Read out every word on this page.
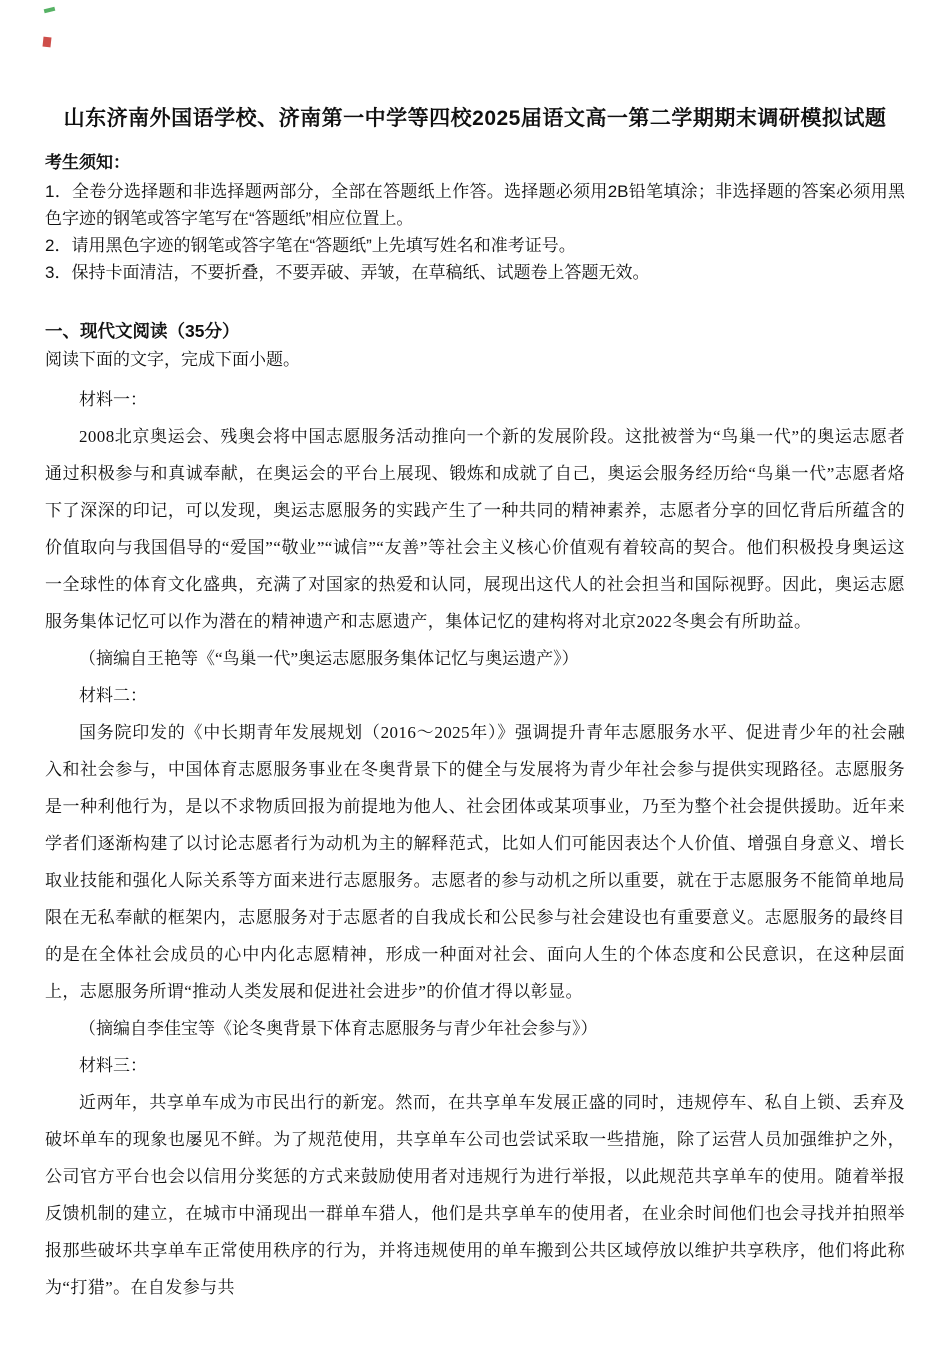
山东济南外国语学校、济南第一中学等四校2025届语文高一第二学期期末调研模拟试题

考生须知：

1．全卷分选择题和非选择题两部分，全部在答题纸上作答。选择题必须用2B铅笔填涂；非选择题的答案必须用黑色字迹的钢笔或答字笔写在“答题纸”相应位置上。

2．请用黑色字迹的钢笔或答字笔在“答题纸”上先填写姓名和准考证号。

3．保持卡面清洁，不要折叠，不要弄破、弄皱，在草稿纸、试题卷上答题无效。

一、现代文阅读（35分）

阅读下面的文字，完成下面小题。

材料一：

2008北京奥运会、残奥会将中国志愿服务活动推向一个新的发展阶段。这批被誉为“鸟巢一代”的奥运志愿者通过积极参与和真诚奉献，在奥运会的平台上展现、锻炼和成就了自己，奥运会服务经历给“鸟巢一代”志愿者烙下了深深的印记，可以发现，奥运志愿服务的实践产生了一种共同的精神素养，志愿者分享的回忆背后所蕴含的价值取向与我国倡导的“爱国”“敬业”“诚信”“友善”等社会主义核心价值观有着较高的契合。他们积极投身奥运这一全球性的体育文化盛典，充满了对国家的热爱和认同，展现出这代人的社会担当和国际视野。因此，奥运志愿服务集体记忆可以作为潜在的精神遗产和志愿遗产，集体记忆的建构将对北京2022冬奥会有所助益。

（摘编自王艳等《“鸟巢一代”奥运志愿服务集体记忆与奥运遗产》）

材料二：

国务院印发的《中长期青年发展规划（2016～2025年）》强调提升青年志愿服务水平、促进青少年的社会融入和社会参与，中国体育志愿服务事业在冬奥背景下的健全与发展将为青少年社会参与提供实现路径。志愿服务是一种利他行为，是以不求物质回报为前提地为他人、社会团体或某项事业，乃至为整个社会提供援助。近年来学者们逐渐构建了以讨论志愿者行为动机为主的解释范式，比如人们可能因表达个人价值、增强自身意义、增长取业技能和强化人际关系等方面来进行志愿服务。志愿者的参与动机之所以重要，就在于志愿服务不能简单地局限在无私奉献的框架内，志愿服务对于志愿者的自我成长和公民参与社会建设也有重要意义。志愿服务的最终目的是在全体社会成员的心中内化志愿精神，形成一种面对社会、面向人生的个体态度和公民意识，在这种层面上，志愿服务所谓“推动人类发展和促进社会进步”的价值才得以彰显。

（摘编自李佳宝等《论冬奥背景下体育志愿服务与青少年社会参与》）

材料三：

近两年，共享单车成为市民出行的新宠。然而，在共享单车发展正盛的同时，违规停车、私自上锁、丢弃及破坏单车的现象也屡见不鲜。为了规范使用，共享单车公司也尝试采取一些措施，除了运营人员加强维护之外，公司官方平台也会以信用分奖惩的方式来鼓励使用者对违规行为进行举报，以此规范共享单车的使用。随着举报反馈机制的建立，在城市中涌现出一群单车猎人，他们是共享单车的使用者，在业余时间他们也会寻找并拍照举报那些破坏共享单车正常使用秩序的行为，并将违规使用的单车搬到公共区域停放以维护共享秩序，他们将此称为“打猎”。在自发参与共
